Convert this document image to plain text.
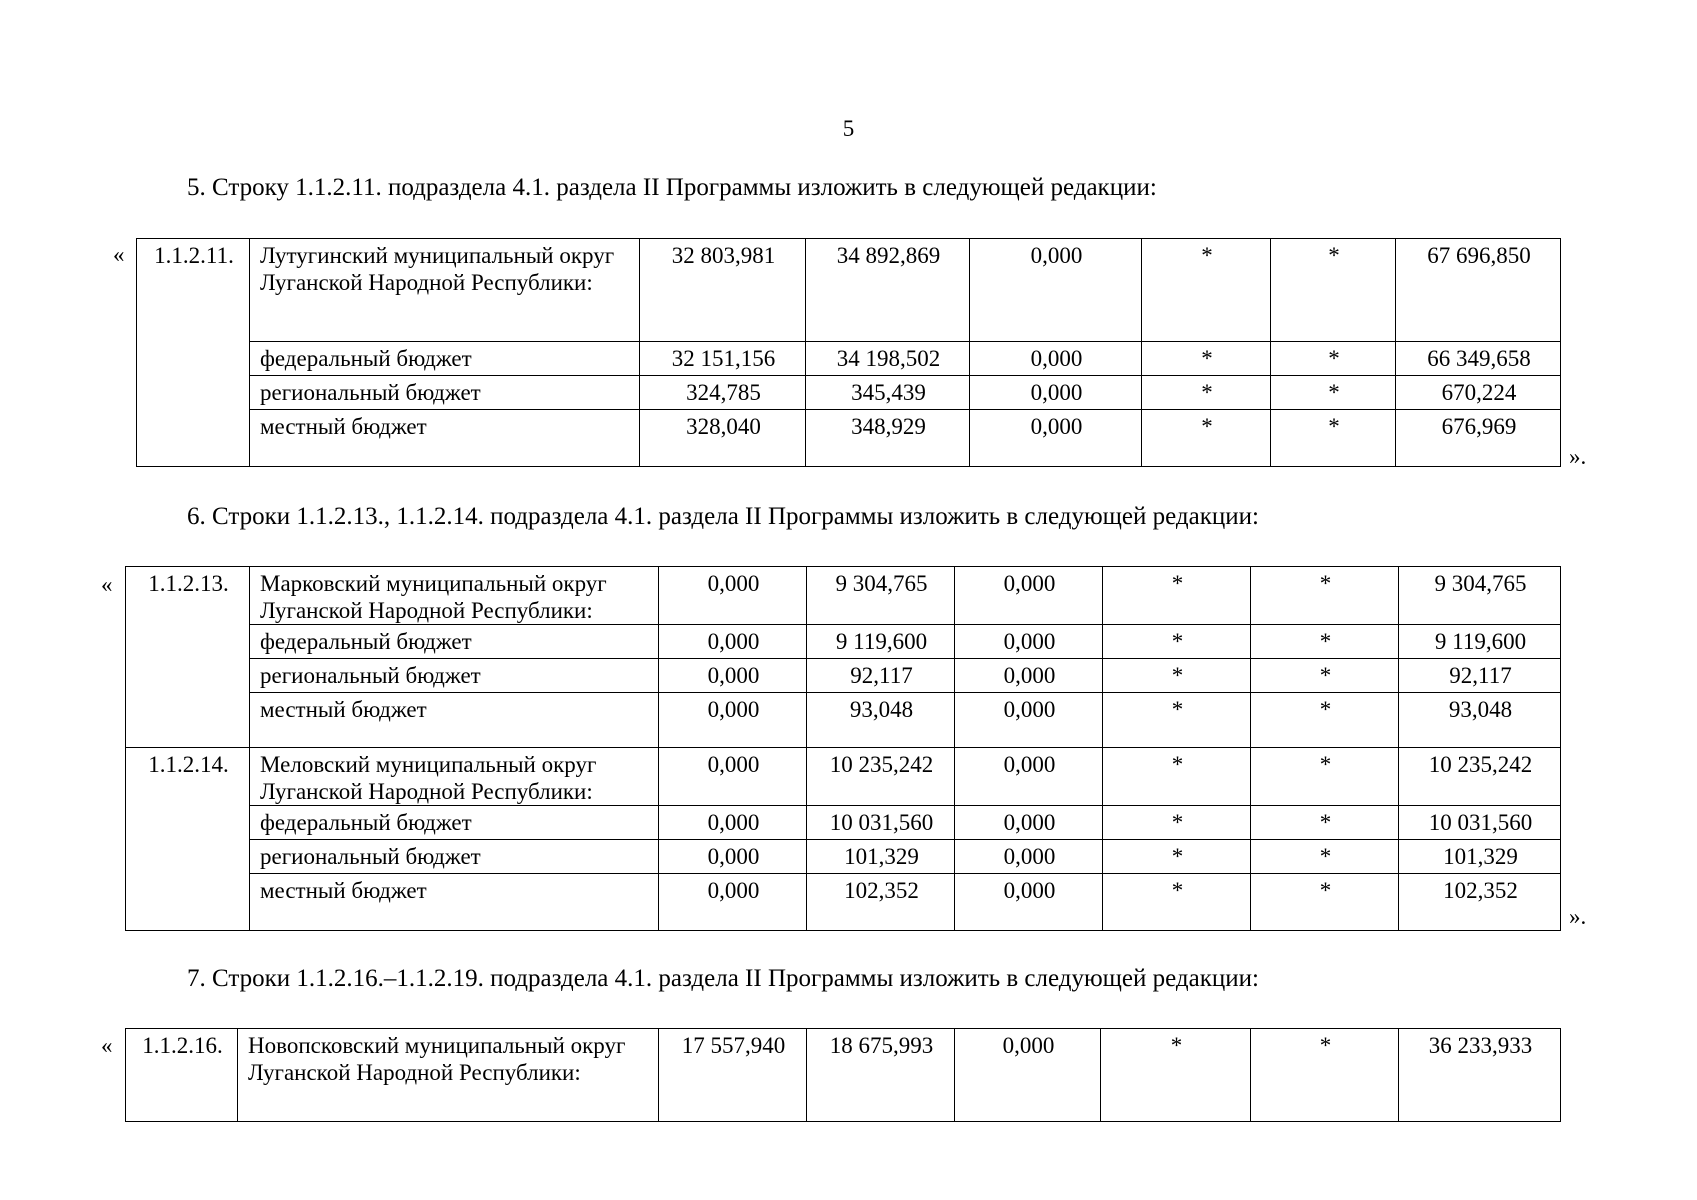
5
5. Строку 1.1.2.11. подраздела 4.1. раздела II Программы изложить в следующей редакции:
« 1.1.2.11.	Лутугинский муниципальный округ Луганской Народной Республики:	32 803,981	34 892,869	0,000	*	*	67 696,850
	федеральный бюджет	32 151,156	34 198,502	0,000	*	*	66 349,658
	региональный бюджет	324,785	345,439	0,000	*	*	670,224
	местный бюджет	328,040	348,929	0,000	*	*	676,969
».
6. Строки 1.1.2.13., 1.1.2.14. подраздела 4.1. раздела II Программы изложить в следующей редакции:
« 1.1.2.13.	Марковский муниципальный округ Луганской Народной Республики:	0,000	9 304,765	0,000	*	*	9 304,765
	федеральный бюджет	0,000	9 119,600	0,000	*	*	9 119,600
	региональный бюджет	0,000	92,117	0,000	*	*	92,117
	местный бюджет	0,000	93,048	0,000	*	*	93,048
1.1.2.14.	Меловский муниципальный округ Луганской Народной Республики:	0,000	10 235,242	0,000	*	*	10 235,242
	федеральный бюджет	0,000	10 031,560	0,000	*	*	10 031,560
	региональный бюджет	0,000	101,329	0,000	*	*	101,329
	местный бюджет	0,000	102,352	0,000	*	*	102,352
».
7. Строки 1.1.2.16.–1.1.2.19. подраздела 4.1. раздела II Программы изложить в следующей редакции:
« 1.1.2.16.	Новопсковский муниципальный округ Луганской Народной Республики:	17 557,940	18 675,993	0,000	*	*	36 233,933
